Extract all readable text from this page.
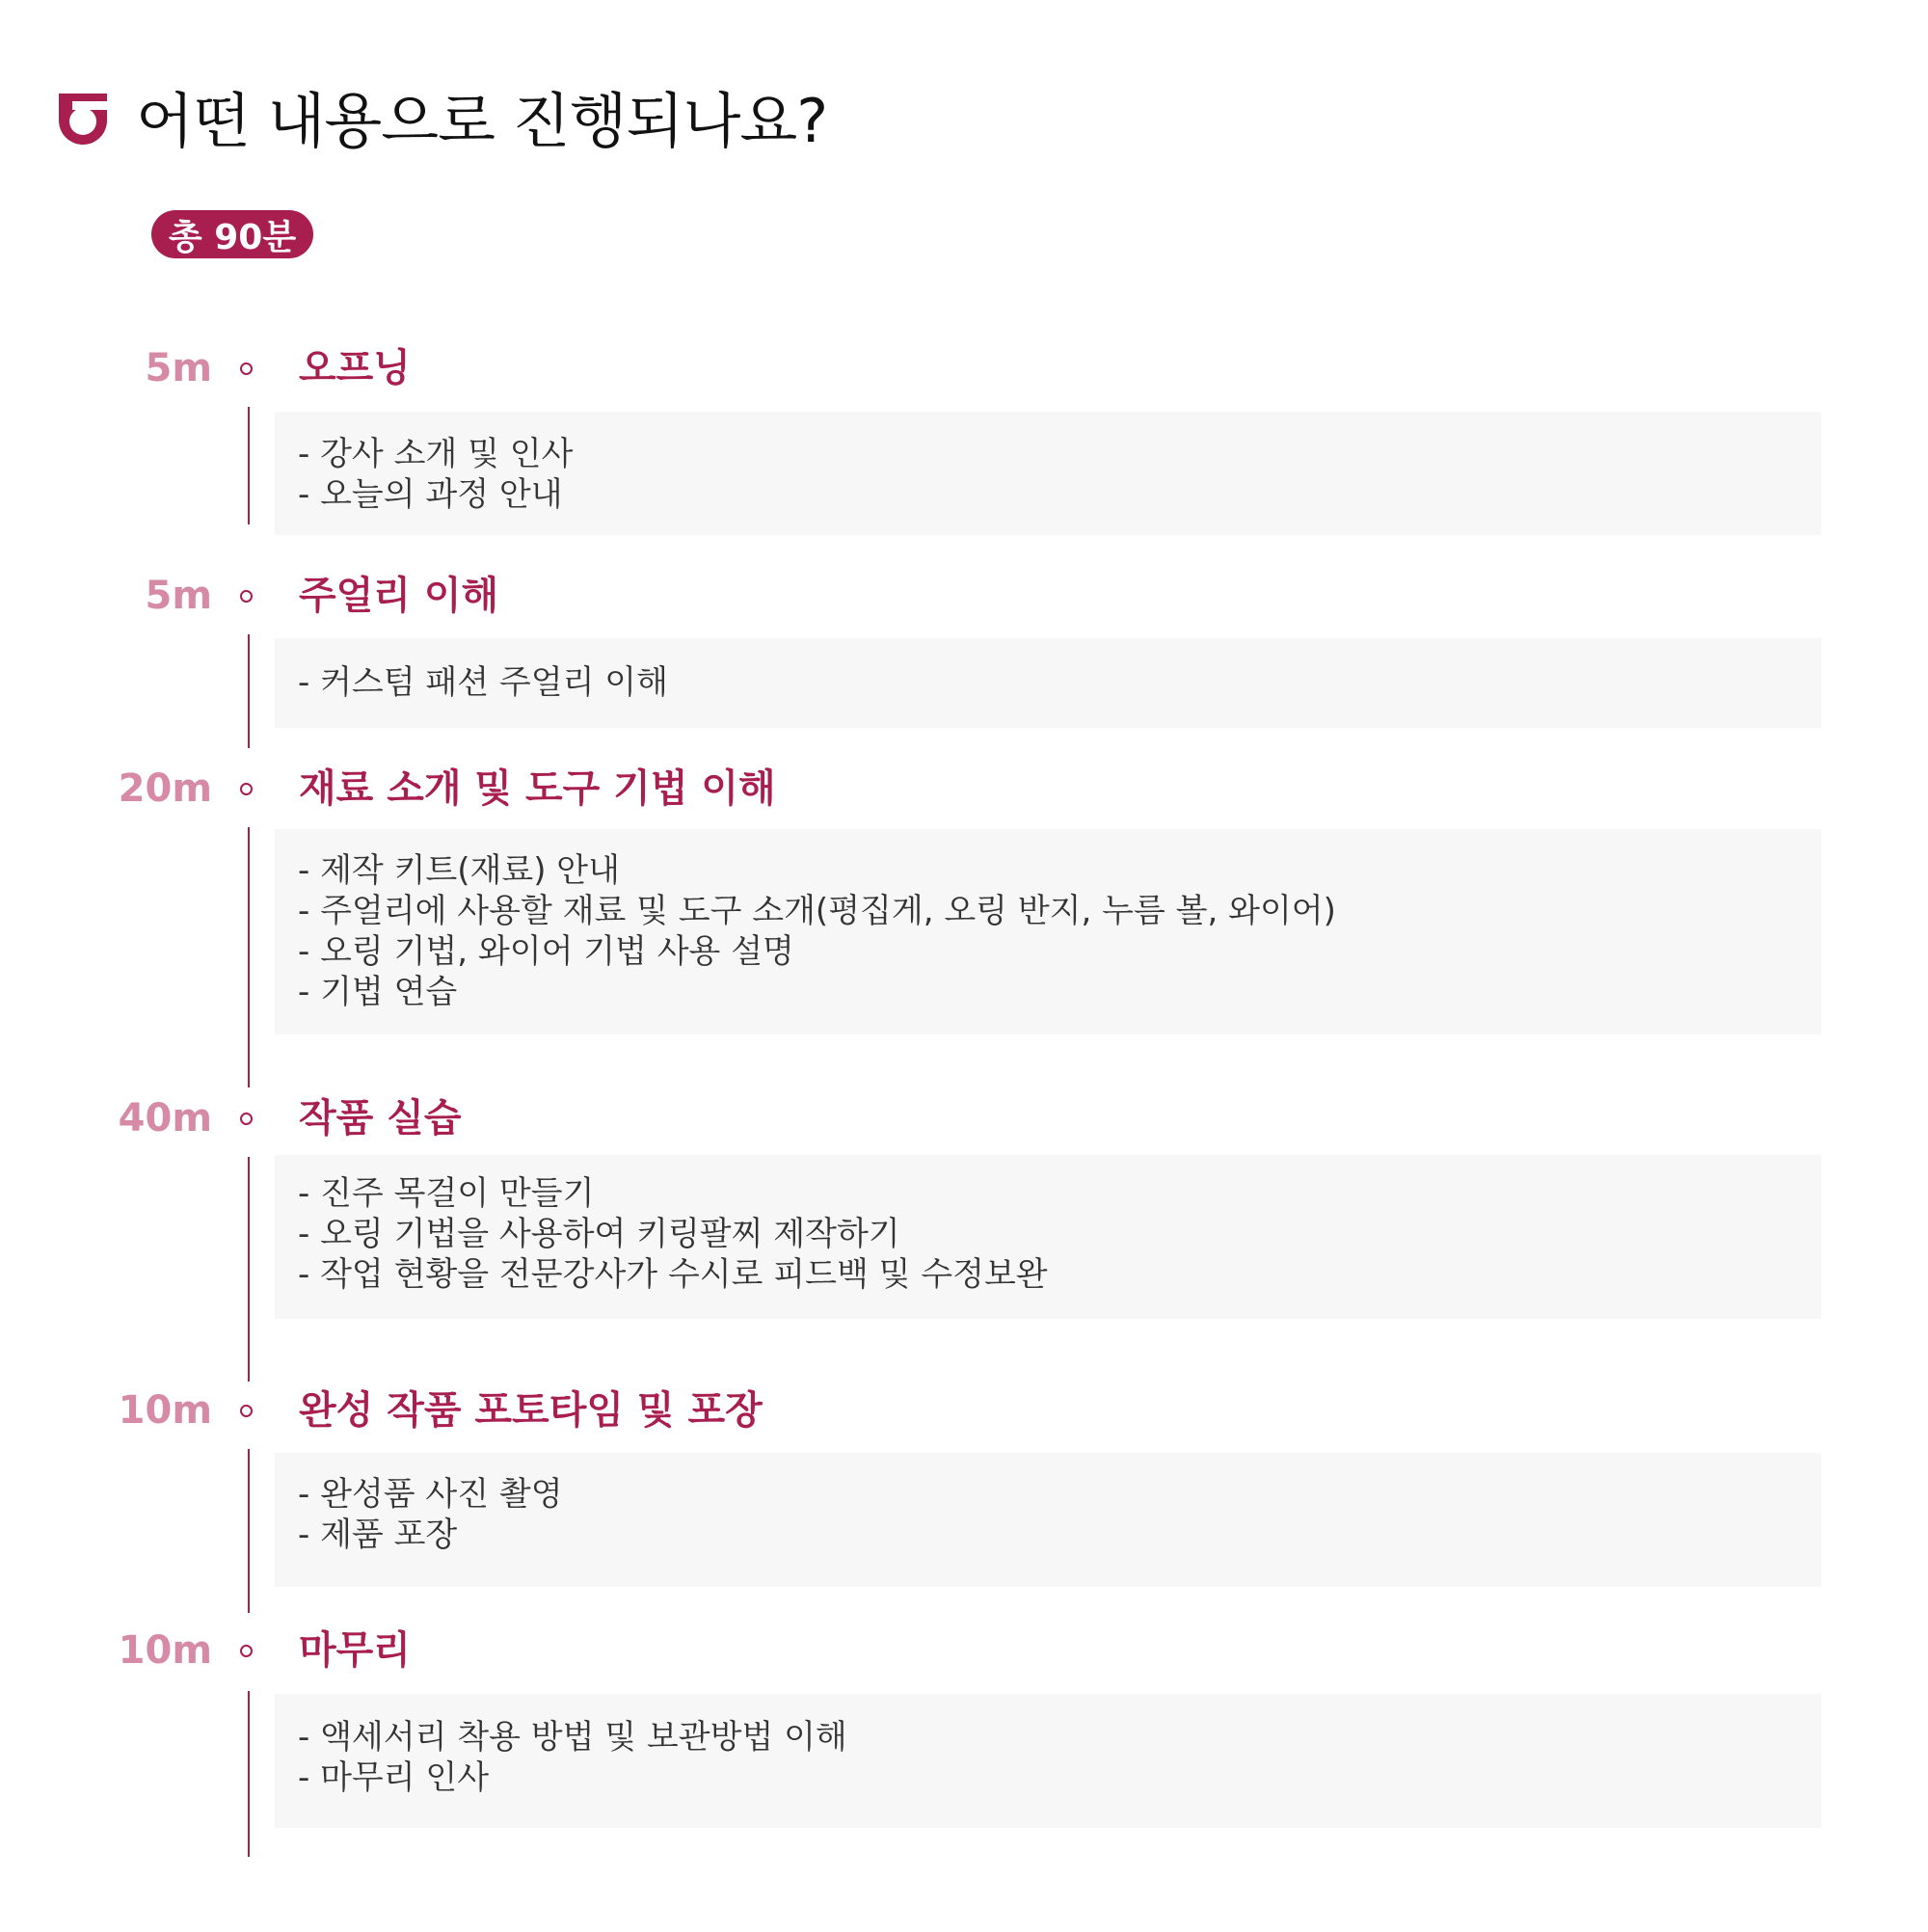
어떤 내용으로 진행되나요?
총 90분
5m 오프닝
- 강사 소개 및 인사
- 오늘의 과정 안내
5m 주얼리 이해
- 커스텀 패션 주얼리 이해
20m 재료 소개 및 도구 기법 이해
- 제작 키트(재료) 안내
- 주얼리에 사용할 재료 및 도구 소개(평집게, 오링 반지, 누름 볼, 와이어)
- 오링 기법, 와이어 기법 사용 설명
- 기법 연습
40m 작품 실습
- 진주 목걸이 만들기
- 오링 기법을 사용하여 키링팔찌 제작하기
- 작업 현황을 전문강사가 수시로 피드백 및 수정보완
10m 완성 작품 포토타임 및 포장
- 완성품 사진 촬영
- 제품 포장
10m 마무리
- 액세서리 착용 방법 및 보관방법 이해
- 마무리 인사
